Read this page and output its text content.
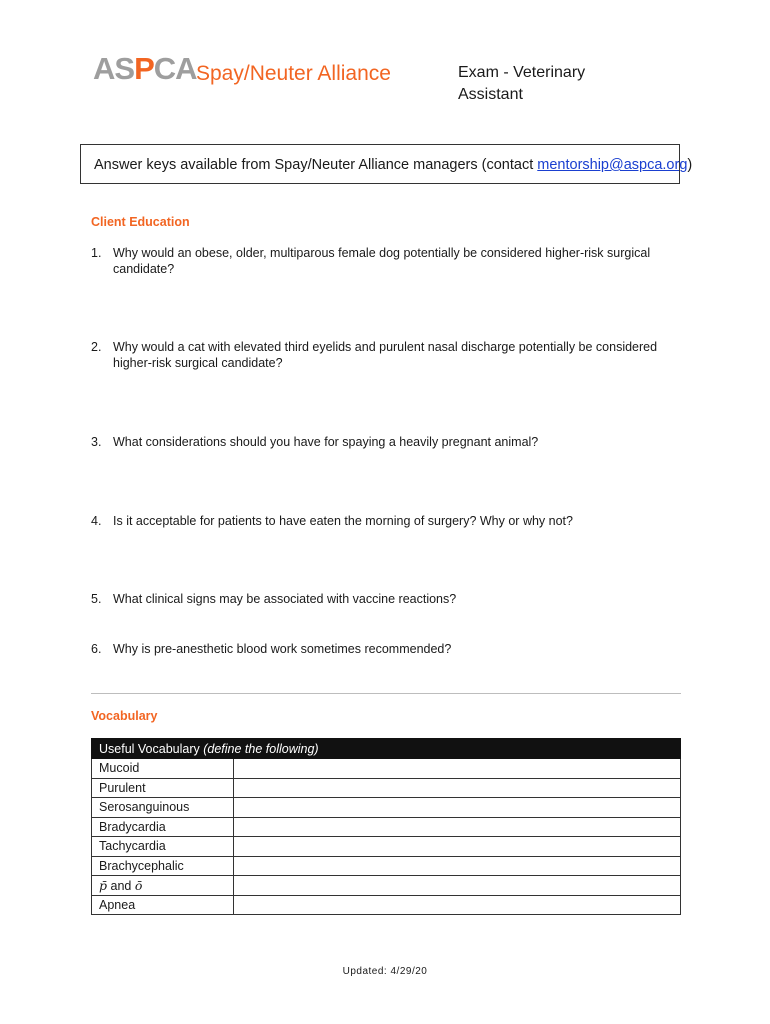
ASPCA Spay/Neuter Alliance	Exam - Veterinary Assistant
Answer keys available from Spay/Neuter Alliance managers (contact mentorship@aspca.org)
Client Education
1. Why would an obese, older, multiparous female dog potentially be considered higher-risk surgical candidate?
2. Why would a cat with elevated third eyelids and purulent nasal discharge potentially be considered higher-risk surgical candidate?
3. What considerations should you have for spaying a heavily pregnant animal?
4. Is it acceptable for patients to have eaten the morning of surgery? Why or why not?
5. What clinical signs may be associated with vaccine reactions?
6. Why is pre-anesthetic blood work sometimes recommended?
Vocabulary
Useful Vocabulary (define the following)	
Mucoid	
Purulent	
Serosanguinous	
Bradycardia	
Tachycardia	
Brachycephalic	
p̄ and ō	
Apnea	
Updated: 4/29/20
